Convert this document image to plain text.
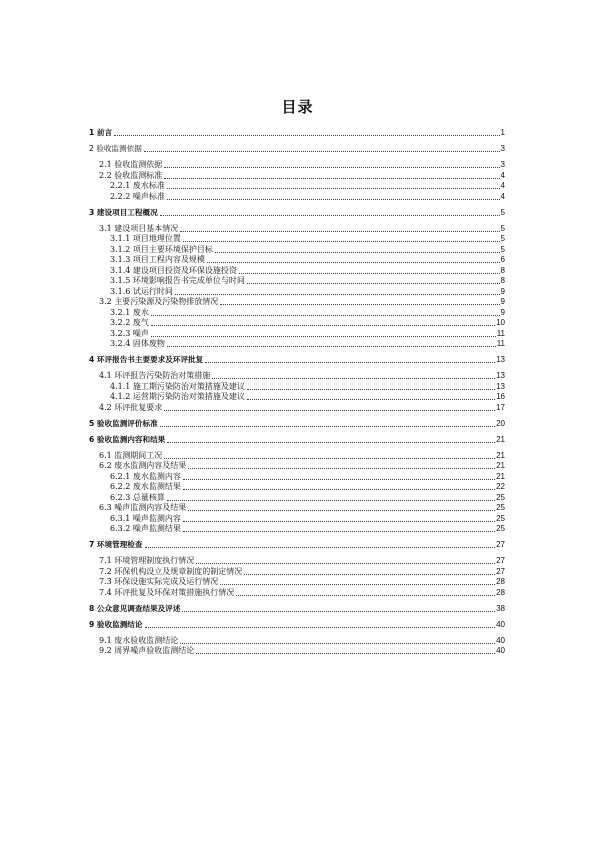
目录
1 前言	1
2 验收监测依据	3
2.1 验收监测依据	3
2.2 验收监测标准	4
2.2.1 废水标准	4
2.2.2 噪声标准	4
3 建设项目工程概况	5
3.1 建设项目基本情况	5
3.1.1 项目地理位置	5
3.1.2 项目主要环境保护目标	5
3.1.3 项目工程内容及规模	6
3.1.4 建设项目投资及环保设施投资	8
3.1.5 环境影响报告书完成单位与时间	8
3.1.6 试运行时间	9
3.2 主要污染源及污染物排放情况	9
3.2.1 废水	9
3.2.2 废气	10
3.2.3 噪声	11
3.2.4 固体废物	11
4 环评报告书主要要求及环评批复	13
4.1 环评报告污染防治对策措施	13
4.1.1 施工期污染防治对策措施及建议	13
4.1.2 运营期污染防治对策措施及建议	16
4.2 环评批复要求	17
5 验收监测评价标准	20
6 验收监测内容和结果	21
6.1 监测期间工况	21
6.2 废水监测内容及结果	21
6.2.1 废水监测内容	21
6.2.2 废水监测结果	22
6.2.3 总量核算	25
6.3 噪声监测内容及结果	25
6.3.1 噪声监测内容	25
6.3.2 噪声监测结果	25
7 环境管理检查	27
7.1 环境管理制度执行情况	27
7.2 环保机构设立及规章制度的制定情况	27
7.3 环保设施实际完成及运行情况	28
7.4 环评批复及环保对策措施执行情况	28
8 公众意见调查结果及评述	38
9 验收监测结论	40
9.1 废水验收监测结论	40
9.2 周界噪声验收监测结论	40
